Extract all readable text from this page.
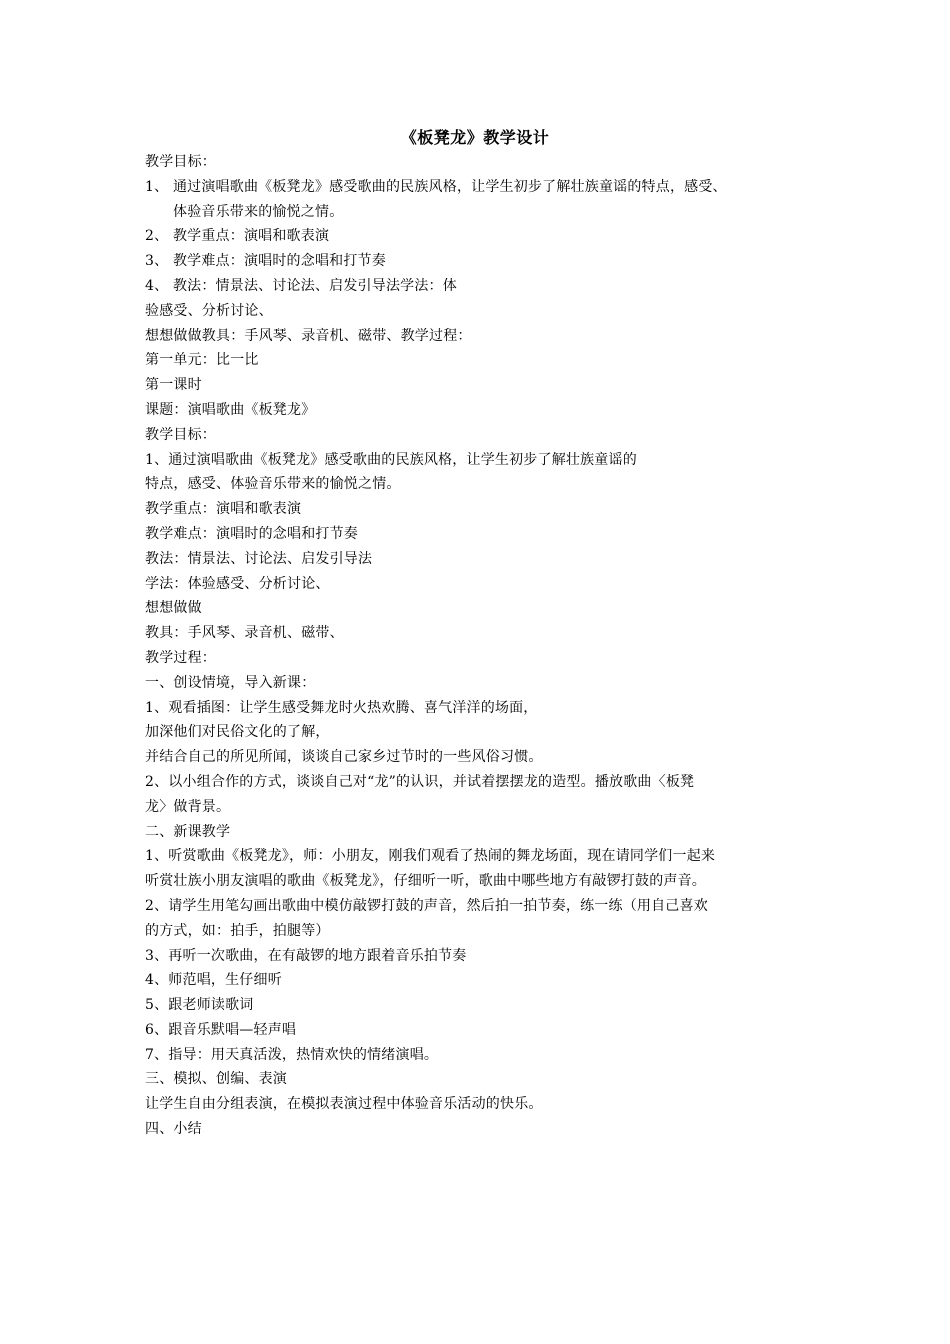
《板凳龙》教学设计
教学目标：
1、 通过演唱歌曲《板凳龙》感受歌曲的民族风格，让学生初步了解壮族童谣的特点，感受、
体验音乐带来的愉悦之情。
2、 教学重点：演唱和歌表演
3、 教学难点：演唱时的念唱和打节奏
4、 教法：情景法、讨论法、启发引导法学法：体
验感受、分析讨论、
想想做做教具：手风琴、录音机、磁带、教学过程：
第一单元：比一比
第一课时
课题：演唱歌曲《板凳龙》
教学目标：
1、通过演唱歌曲《板凳龙》感受歌曲的民族风格，让学生初步了解壮族童谣的
特点，感受、体验音乐带来的愉悦之情。
教学重点：演唱和歌表演
教学难点：演唱时的念唱和打节奏
教法：情景法、讨论法、启发引导法
学法：体验感受、分析讨论、
想想做做
教具：手风琴、录音机、磁带、
教学过程：
一、创设情境，导入新课：
1、观看插图：让学生感受舞龙时火热欢腾、喜气洋洋的场面，
加深他们对民俗文化的了解，
并结合自己的所见所闻，谈谈自己家乡过节时的一些风俗习惯。
2、以小组合作的方式，谈谈自己对“龙”的认识，并试着摆摆龙的造型。播放歌曲〈板凳
龙〉做背景。
二、新课教学
1、听赏歌曲《板凳龙》，师：小朋友，刚我们观看了热闹的舞龙场面，现在请同学们一起来
听赏壮族小朋友演唱的歌曲《板凳龙》，仔细听一听，歌曲中哪些地方有敲锣打鼓的声音。
2、请学生用笔勾画出歌曲中模仿敲锣打鼓的声音，然后拍一拍节奏，练一练（用自己喜欢
的方式，如：拍手，拍腿等）
3、再听一次歌曲，在有敲锣的地方跟着音乐拍节奏
4、师范唱，生仔细听
5、跟老师读歌词
6、跟音乐默唱—轻声唱
7、指导：用天真活泼，热情欢快的情绪演唱。
三、模拟、创编、表演
让学生自由分组表演，在模拟表演过程中体验音乐活动的快乐。
四、小结
